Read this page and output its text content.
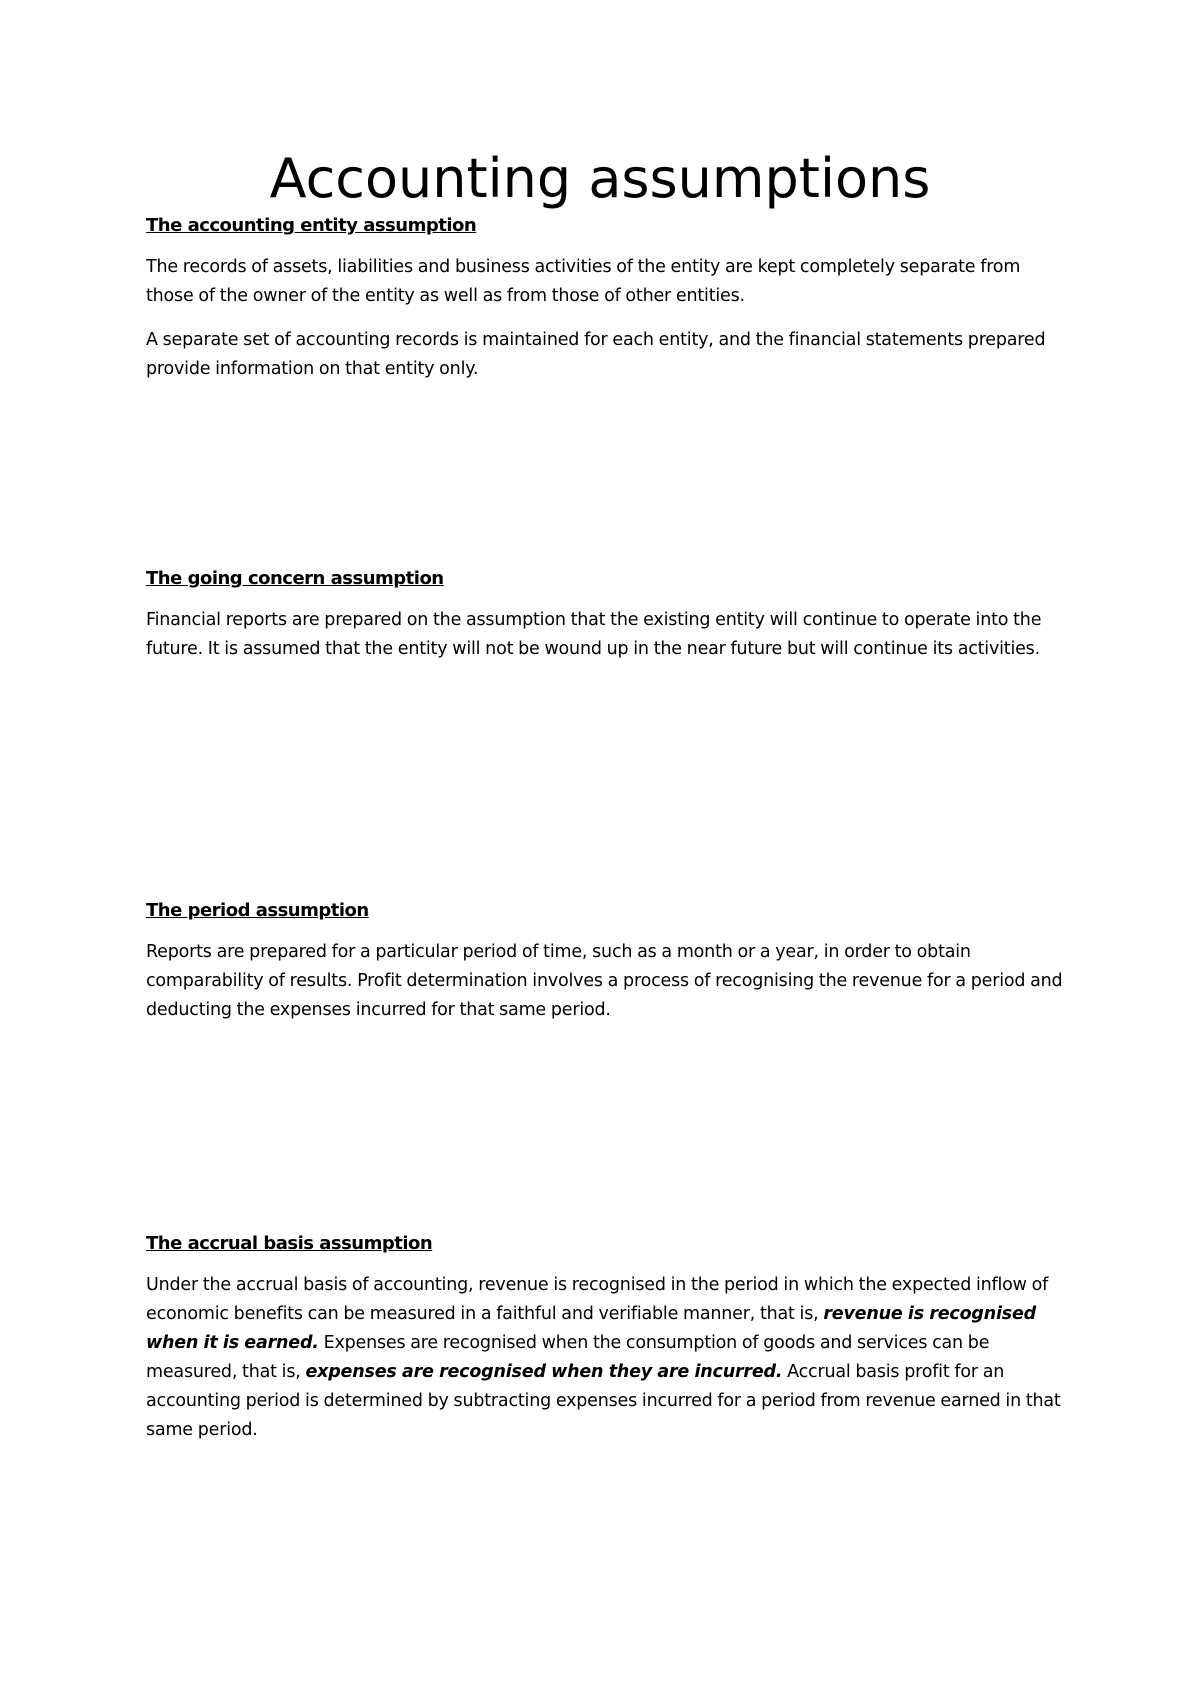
Accounting assumptions
The accounting entity assumption

The records of assets, liabilities and business activities of the entity are kept completely separate from those of the owner of the entity as well as from those of other entities.

A separate set of accounting records is maintained for each entity, and the financial statements prepared provide information on that entity only.

The going concern assumption

Financial reports are prepared on the assumption that the existing entity will continue to operate into the future. It is assumed that the entity will not be wound up in the near future but will continue its activities.

The period assumption

Reports are prepared for a particular period of time, such as a month or a year, in order to obtain comparability of results. Profit determination involves a process of recognising the revenue for a period and deducting the expenses incurred for that same period.

The accrual basis assumption

Under the accrual basis of accounting, revenue is recognised in the period in which the expected inflow of economic benefits can be measured in a faithful and verifiable manner, that is, revenue is recognised when it is earned. Expenses are recognised when the consumption of goods and services can be measured, that is, expenses are recognised when they are incurred. Accrual basis profit for an accounting period is determined by subtracting expenses incurred for a period from revenue earned in that same period.
